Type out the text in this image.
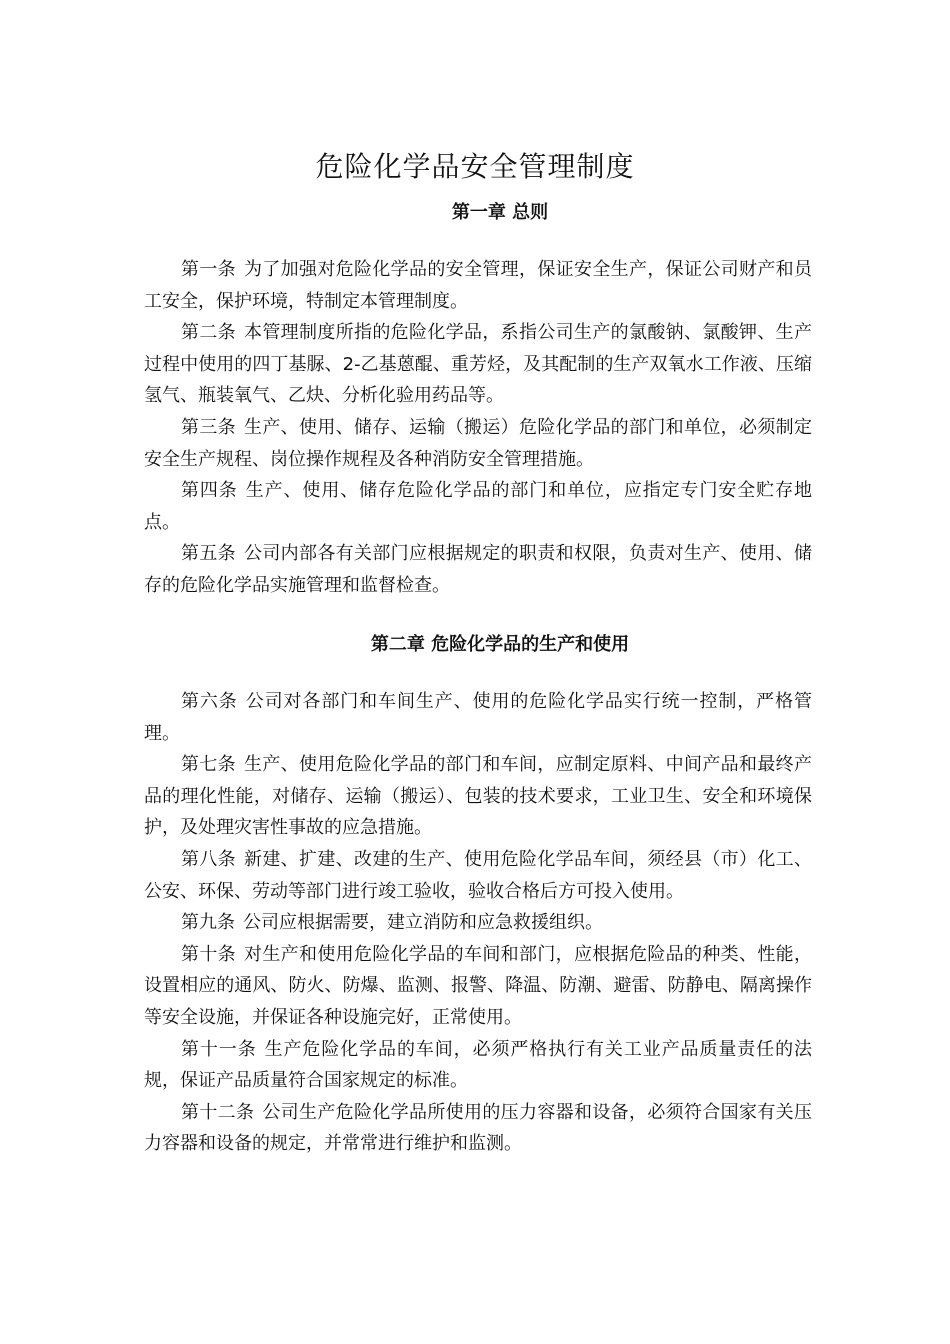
危险化学品安全管理制度
第一章 总则

第一条 为了加强对危险化学品的安全管理，保证安全生产，保证公司财产和员工安全，保护环境，特制定本管理制度。

第二条 本管理制度所指的危险化学品，系指公司生产的氯酸钠、氯酸钾、生产过程中使用的四丁基脲、2-乙基蒽醌、重芳烃，及其配制的生产双氧水工作液、压缩氢气、瓶装氧气、乙炔、分析化验用药品等。

第三条 生产、使用、储存、运输（搬运）危险化学品的部门和单位，必须制定安全生产规程、岗位操作规程及各种消防安全管理措施。

第四条 生产、使用、储存危险化学品的部门和单位，应指定专门安全贮存地点。

第五条 公司内部各有关部门应根据规定的职责和权限，负责对生产、使用、储存的危险化学品实施管理和监督检查。

第二章 危险化学品的生产和使用

第六条 公司对各部门和车间生产、使用的危险化学品实行统一控制，严格管理。

第七条 生产、使用危险化学品的部门和车间，应制定原料、中间产品和最终产品的理化性能，对储存、运输（搬运）、包装的技术要求，工业卫生、安全和环境保护，及处理灾害性事故的应急措施。

第八条 新建、扩建、改建的生产、使用危险化学品车间，须经县（市）化工、公安、环保、劳动等部门进行竣工验收，验收合格后方可投入使用。

第九条 公司应根据需要，建立消防和应急救援组织。

第十条 对生产和使用危险化学品的车间和部门，应根据危险品的种类、性能，设置相应的通风、防火、防爆、监测、报警、降温、防潮、避雷、防静电、隔离操作等安全设施，并保证各种设施完好，正常使用。

第十一条 生产危险化学品的车间，必须严格执行有关工业产品质量责任的法规，保证产品质量符合国家规定的标准。

第十二条 公司生产危险化学品所使用的压力容器和设备，必须符合国家有关压力容器和设备的规定，并常常进行维护和监测。
